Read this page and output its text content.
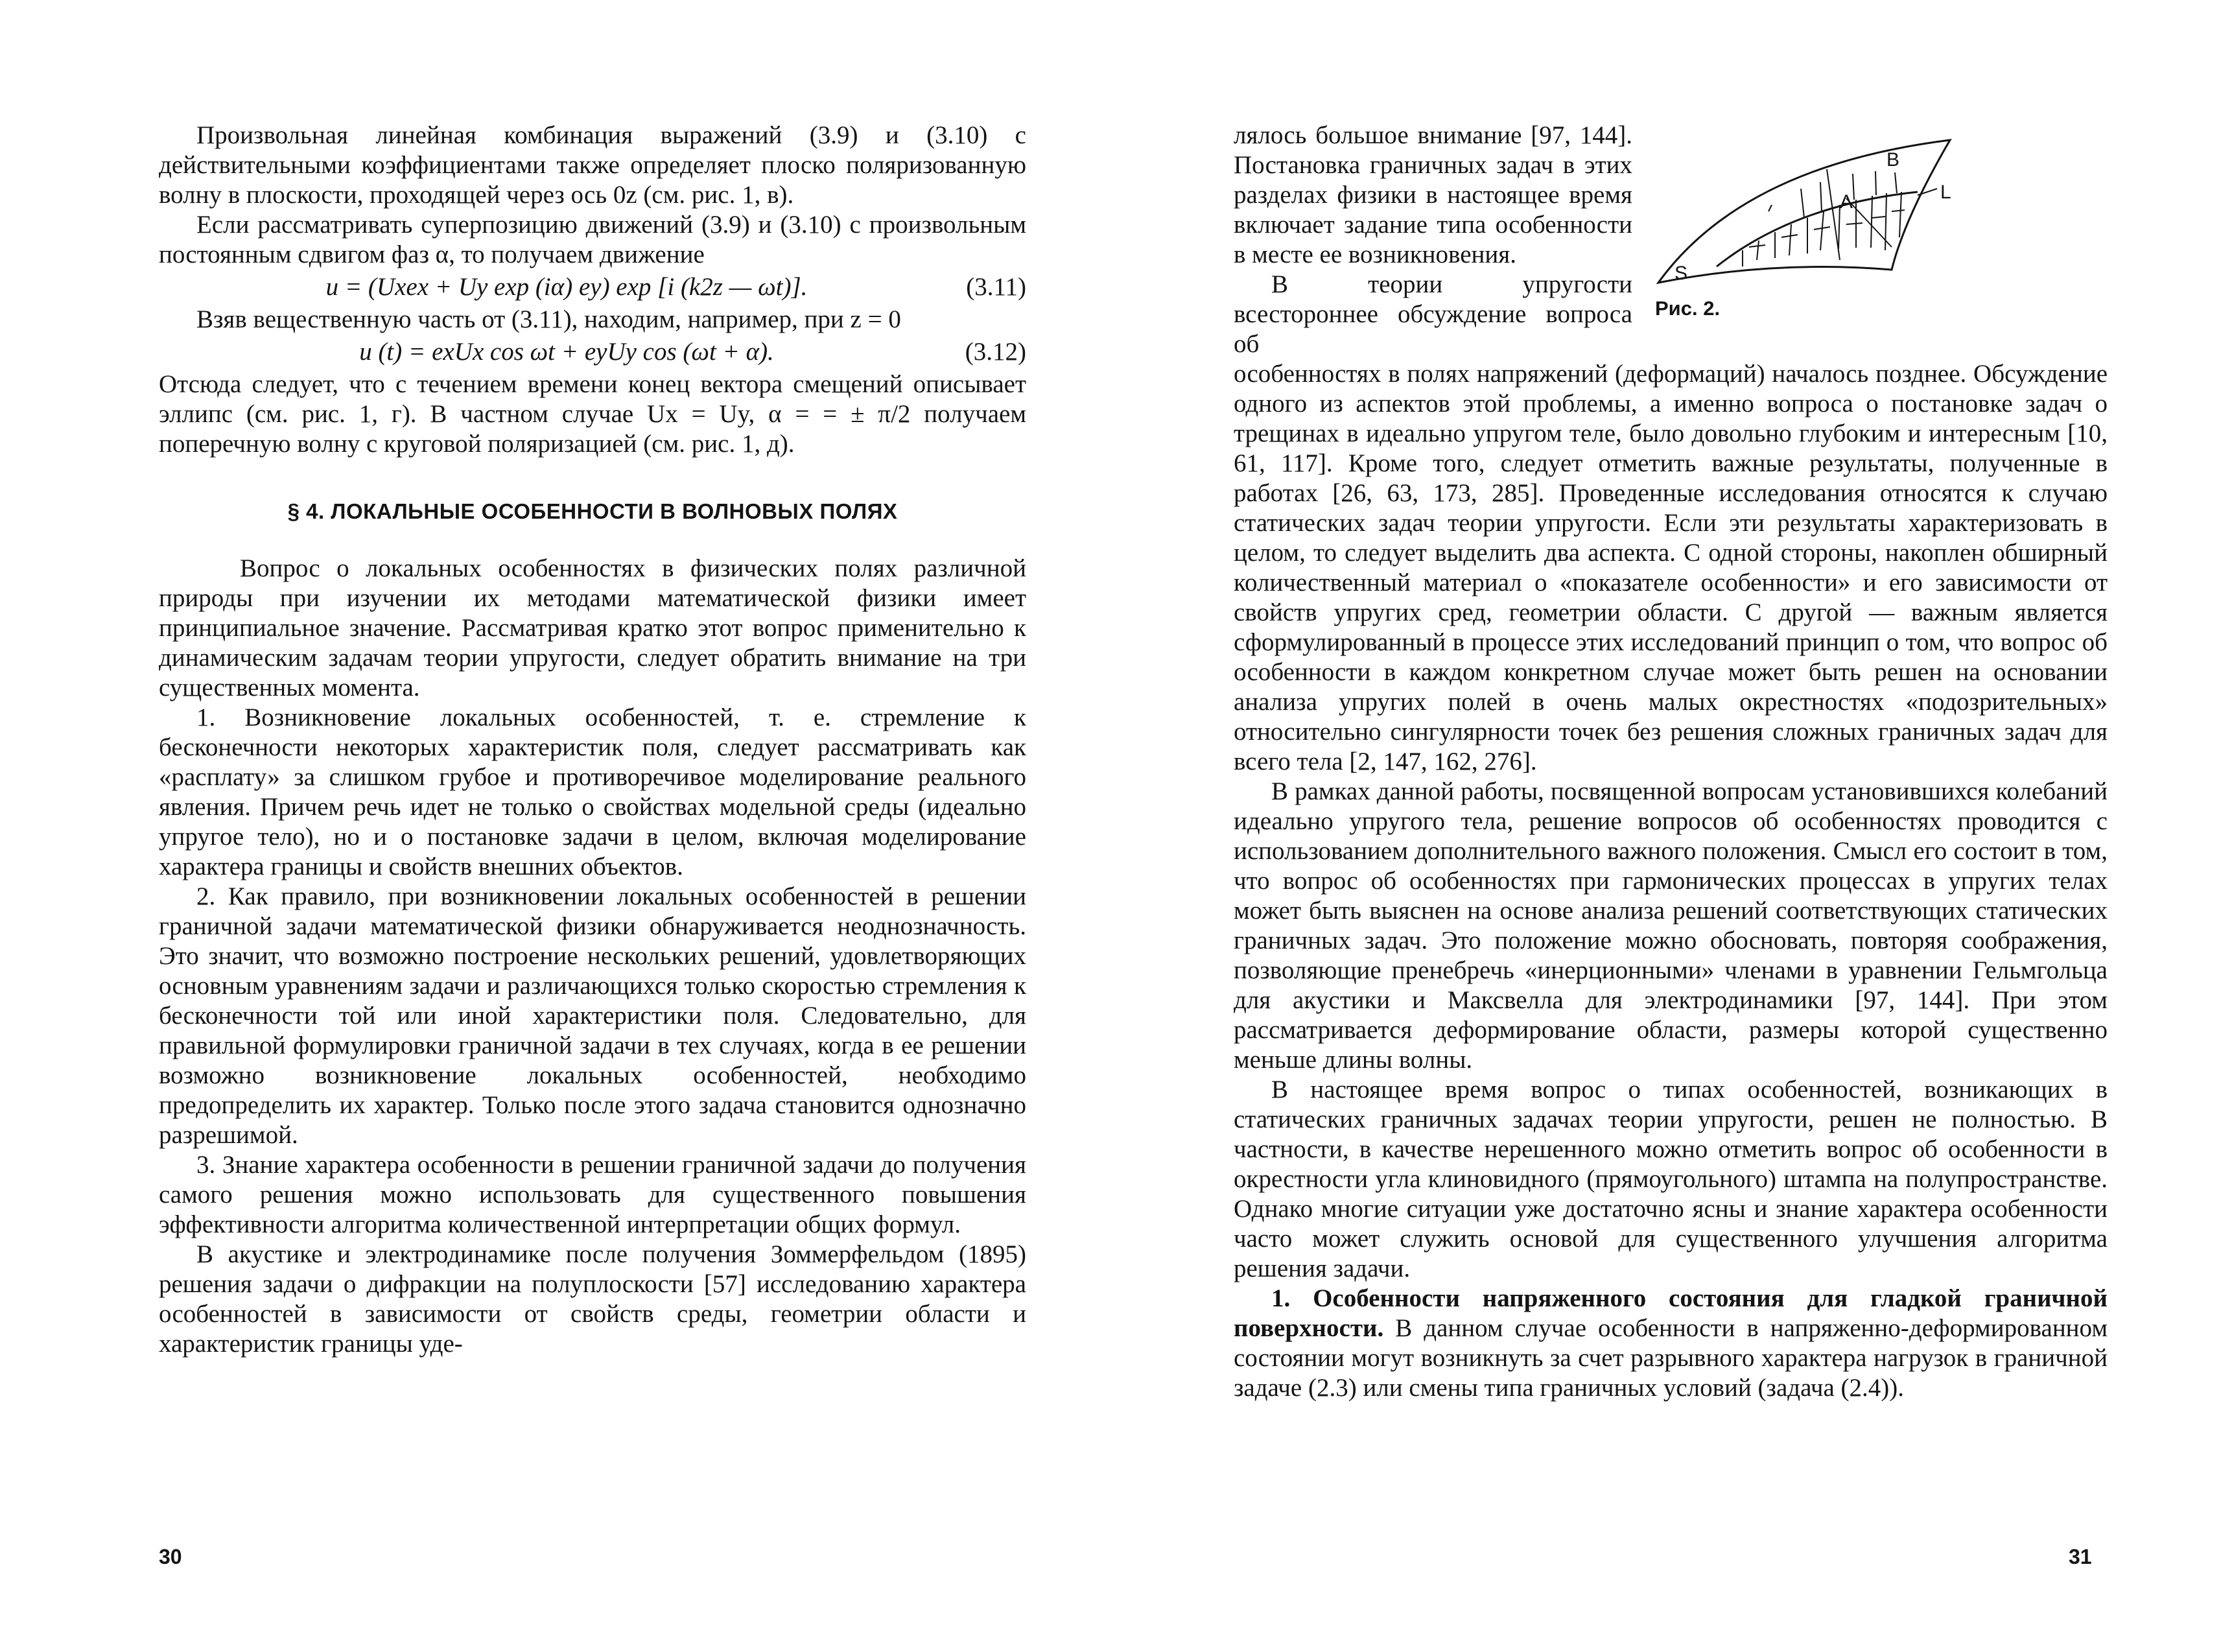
Произвольная линейная комбинация выражений (3.9) и (3.10) с действительными коэффициентами также определяет плоско поляризованную волну в плоскости, проходящей через ось 0z (см. рис. 1, в).

Если рассматривать суперпозицию движений (3.9) и (3.10) с произвольным постоянным сдвигом фаз α, то получаем движение

u = (Uxex + Uy exp (iα) ey) exp [i (k2z — ωt)].	(3.11)

Взяв вещественную часть от (3.11), находим, например, при z = 0

u (t) = exUx cos ωt + eyUy cos (ωt + α).	(3.12)

Отсюда следует, что с течением времени конец вектора смещений описывает эллипс (см. рис. 1, г). В частном случае Ux = Uy, α = = ± π/2 получаем поперечную волну с круговой поляризацией (см. рис. 1, д).

§ 4. ЛОКАЛЬНЫЕ ОСОБЕННОСТИ В ВОЛНОВЫХ ПОЛЯХ

Вопрос о локальных особенностях в физических полях различной природы при изучении их методами математической физики имеет принципиальное значение. Рассматривая кратко этот вопрос применительно к динамическим задачам теории упругости, следует обратить внимание на три существенных момента.

1. Возникновение локальных особенностей, т. е. стремление к бесконечности некоторых характеристик поля, следует рассматривать как «расплату» за слишком грубое и противоречивое моделирование реального явления. Причем речь идет не только о свойствах модельной среды (идеально упругое тело), но и о постановке задачи в целом, включая моделирование характера границы и свойств внешних объектов.

2. Как правило, при возникновении локальных особенностей в решении граничной задачи математической физики обнаруживается неоднозначность. Это значит, что возможно построение нескольких решений, удовлетворяющих основным уравнениям задачи и различающихся только скоростью стремления к бесконечности той или иной характеристики поля. Следовательно, для правильной формулировки граничной задачи в тех случаях, когда в ее решении возможно возникновение локальных особенностей, необходимо предопределить их характер. Только после этого задача становится однозначно разрешимой.

3. Знание характера особенности в решении граничной задачи до получения самого решения можно использовать для существенного повышения эффективности алгоритма количественной интерпретации общих формул.

В акустике и электродинамике после получения Зоммерфельдом (1895) решения задачи о дифракции на полуплоскости [57] исследованию характера особенностей в зависимости от свойств среды, геометрии области и характеристик границы уде-

30

лялось большое внимание [97, 144]. Постановка граничных задач в этих разделах физики в настоящее время включает задание типа особенности в месте ее возникновения.

В теории упругости всестороннее обсуждение вопроса об

особенностях в полях напряжений (деформаций) началось позднее. Обсуждение одного из аспектов этой проблемы, а именно вопроса о постановке задач о трещинах в идеально упругом теле, было довольно глубоким и интересным [10, 61, 117]. Кроме того, следует отметить важные результаты, полученные в работах [26, 63, 173, 285]. Проведенные исследования относятся к случаю статических задач теории упругости. Если эти результаты характеризовать в целом, то следует выделить два аспекта. С одной стороны, накоплен обширный количественный материал о «показателе особенности» и его зависимости от свойств упругих сред, геометрии области. С другой — важным является сформулированный в процессе этих исследований принцип о том, что вопрос об особенности в каждом конкретном случае может быть решен на основании анализа упругих полей в очень малых окрестностях «подозрительных» относительно сингулярности точек без решения сложных граничных задач для всего тела [2, 147, 162, 276].

В рамках данной работы, посвященной вопросам установившихся колебаний идеально упругого тела, решение вопросов об особенностях проводится с использованием дополнительного важного положения. Смысл его состоит в том, что вопрос об особенностях при гармонических процессах в упругих телах может быть выяснен на основе анализа решений соответствующих статических граничных задач. Это положение можно обосновать, повторяя соображения, позволяющие пренебречь «инерционными» членами в уравнении Гельмгольца для акустики и Максвелла для электродинамики [97, 144]. При этом рассматривается деформирование области, размеры которой существенно меньше длины волны.

В настоящее время вопрос о типах особенностей, возникающих в статических граничных задачах теории упругости, решен не полностью. В частности, в качестве нерешенного можно отметить вопрос об особенности в окрестности угла клиновидного (прямоугольного) штампа на полупространстве. Однако многие ситуации уже достаточно ясны и знание характера особенности часто может служить основой для существенного улучшения алгоритма решения задачи.

1. Особенности напряженного состояния для гладкой граничной поверхности. В данном случае особенности в напряженно-деформированном состоянии могут возникнуть за счет разрывного характера нагрузок в граничной задаче (2.3) или смены типа граничных условий (задача (2.4)).

A
B
L
S
Рис. 2.
31
